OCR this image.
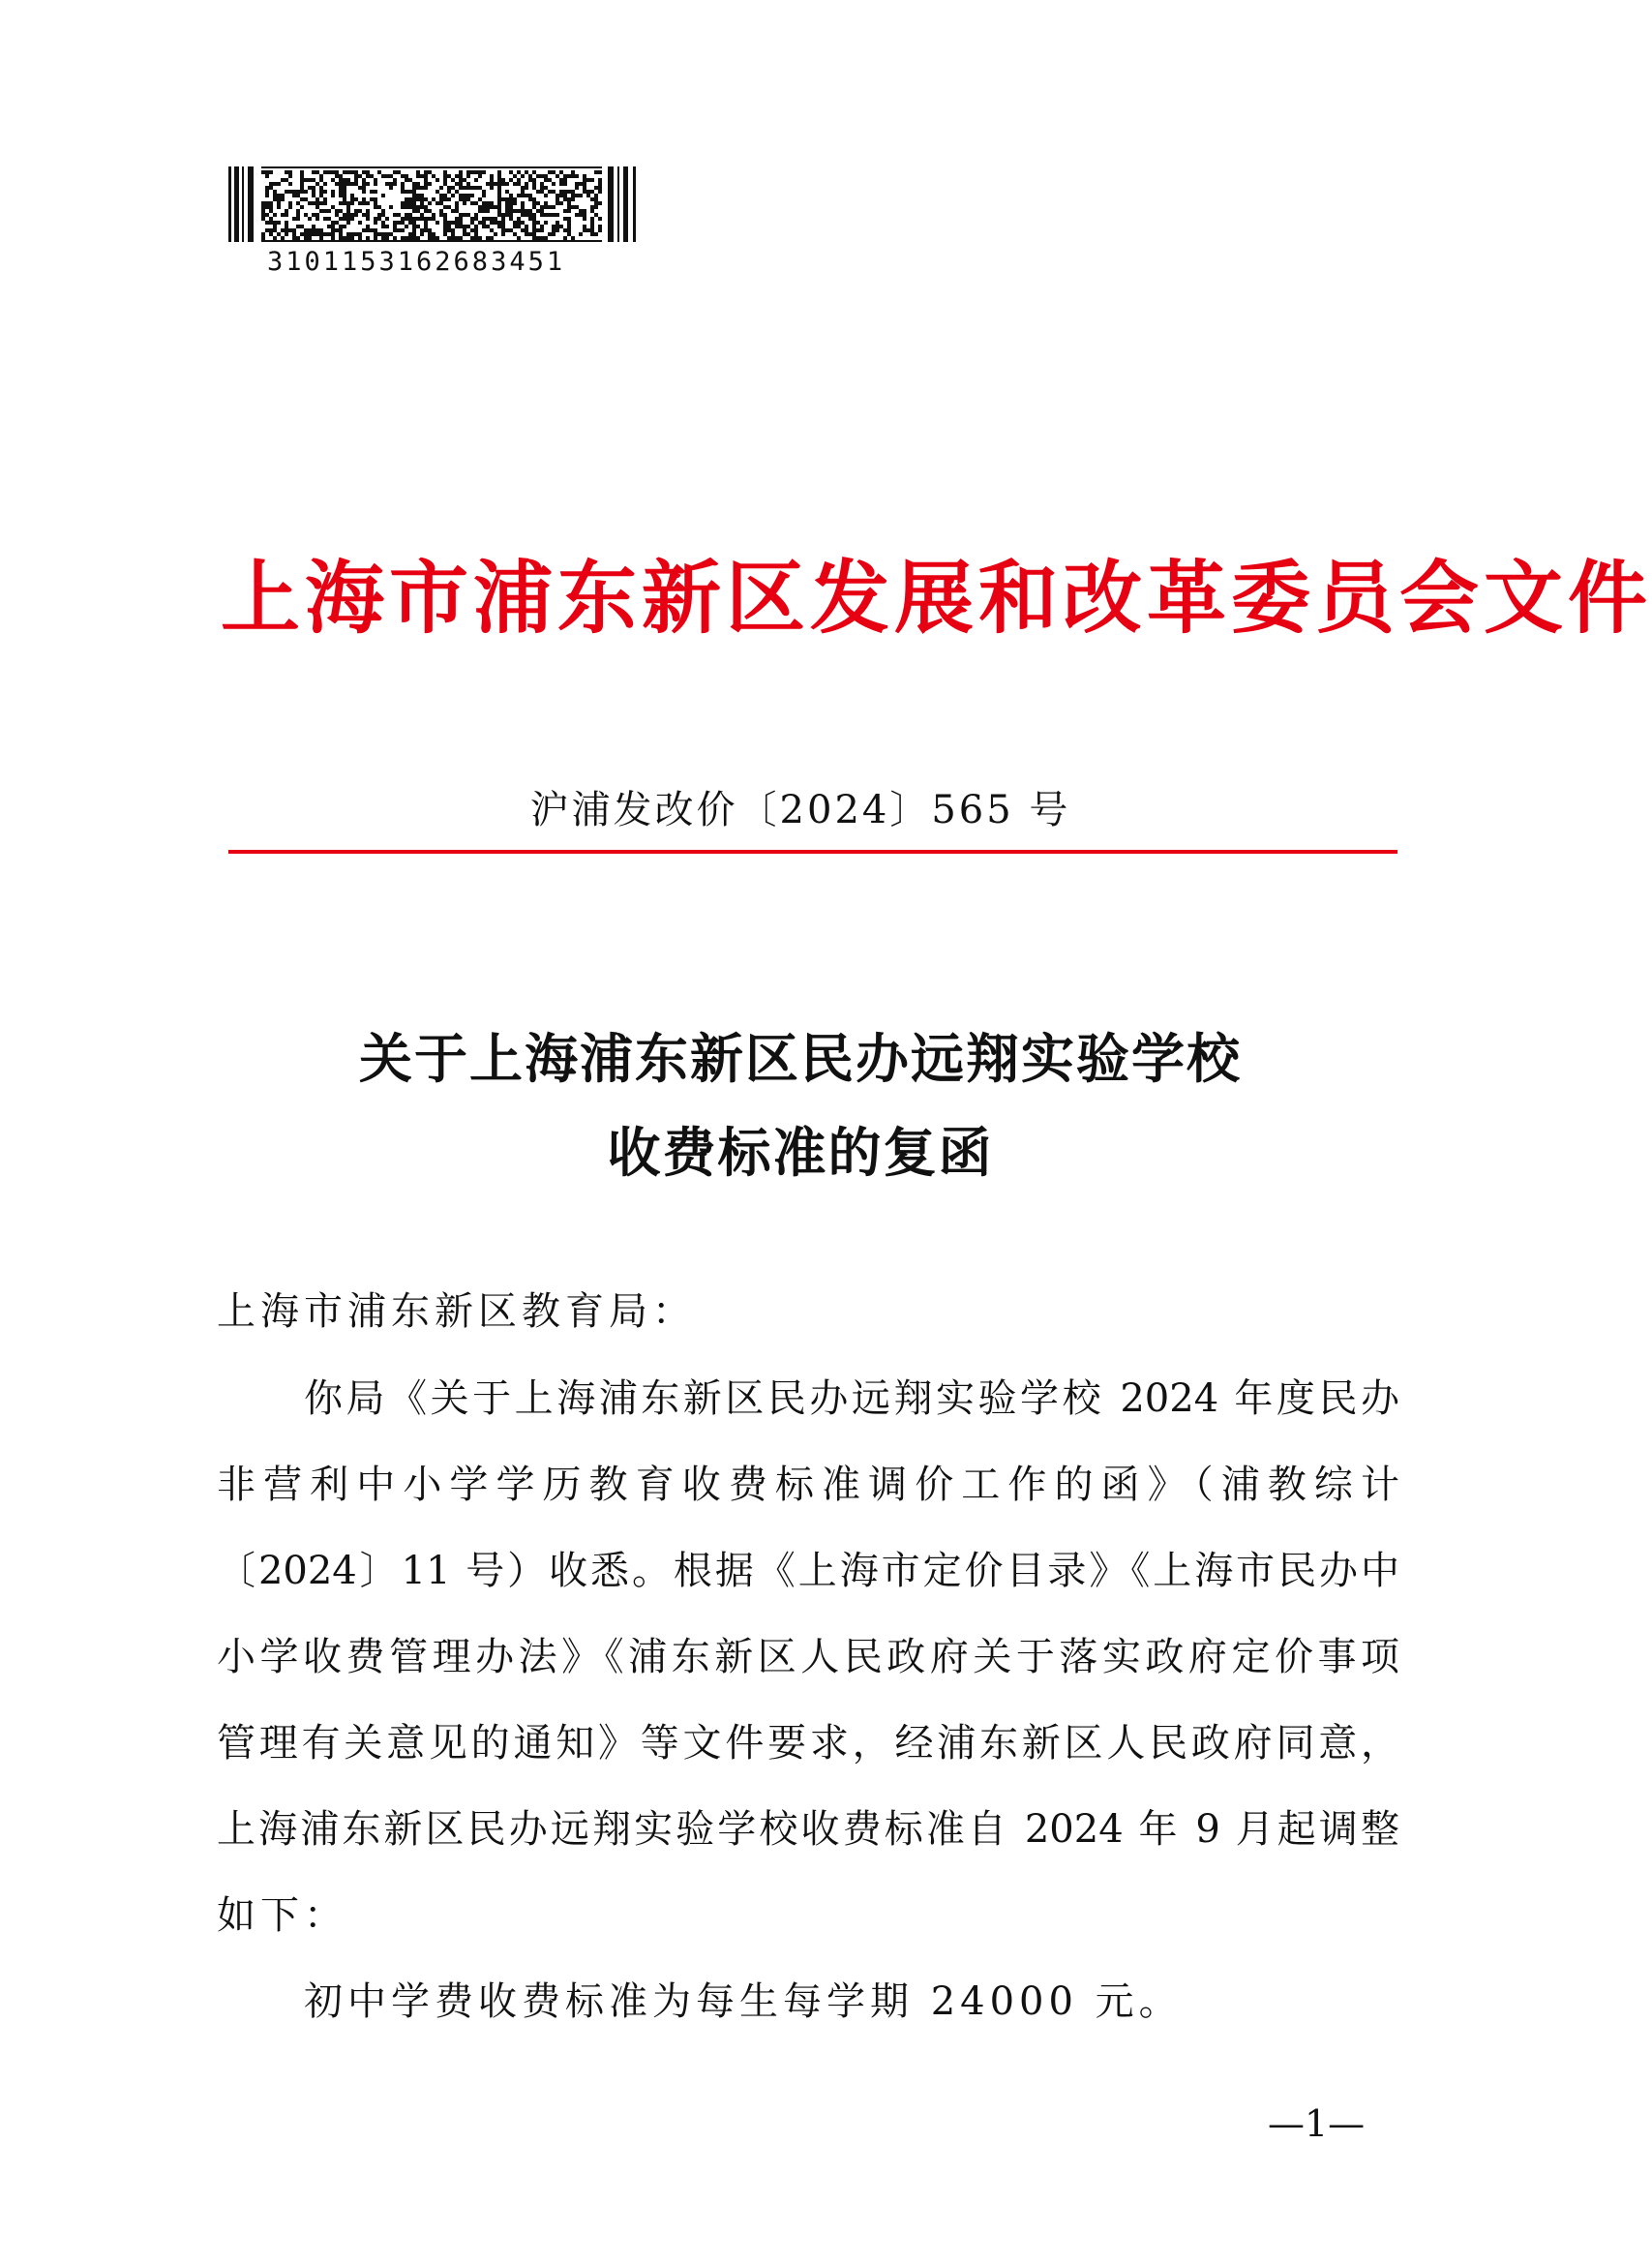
3101153162683451
上海市浦东新区发展和改革委员会文件
沪浦发改价〔2024〕565 号
关于上海浦东新区民办远翔实验学校
收费标准的复函
上海市浦东新区教育局：
你局《关于上海浦东新区民办远翔实验学校 2024 年度民办
非营利中小学学历教育收费标准调价工作的函》（浦教综计
〔2024〕11 号）收悉。根据《上海市定价目录》《上海市民办中
小学收费管理办法》《浦东新区人民政府关于落实政府定价事项
管理有关意见的通知》等文件要求，经浦东新区人民政府同意，
上海浦东新区民办远翔实验学校收费标准自 2024 年 9 月起调整
如下：
初中学费收费标准为每生每学期 24000 元。
—1—
